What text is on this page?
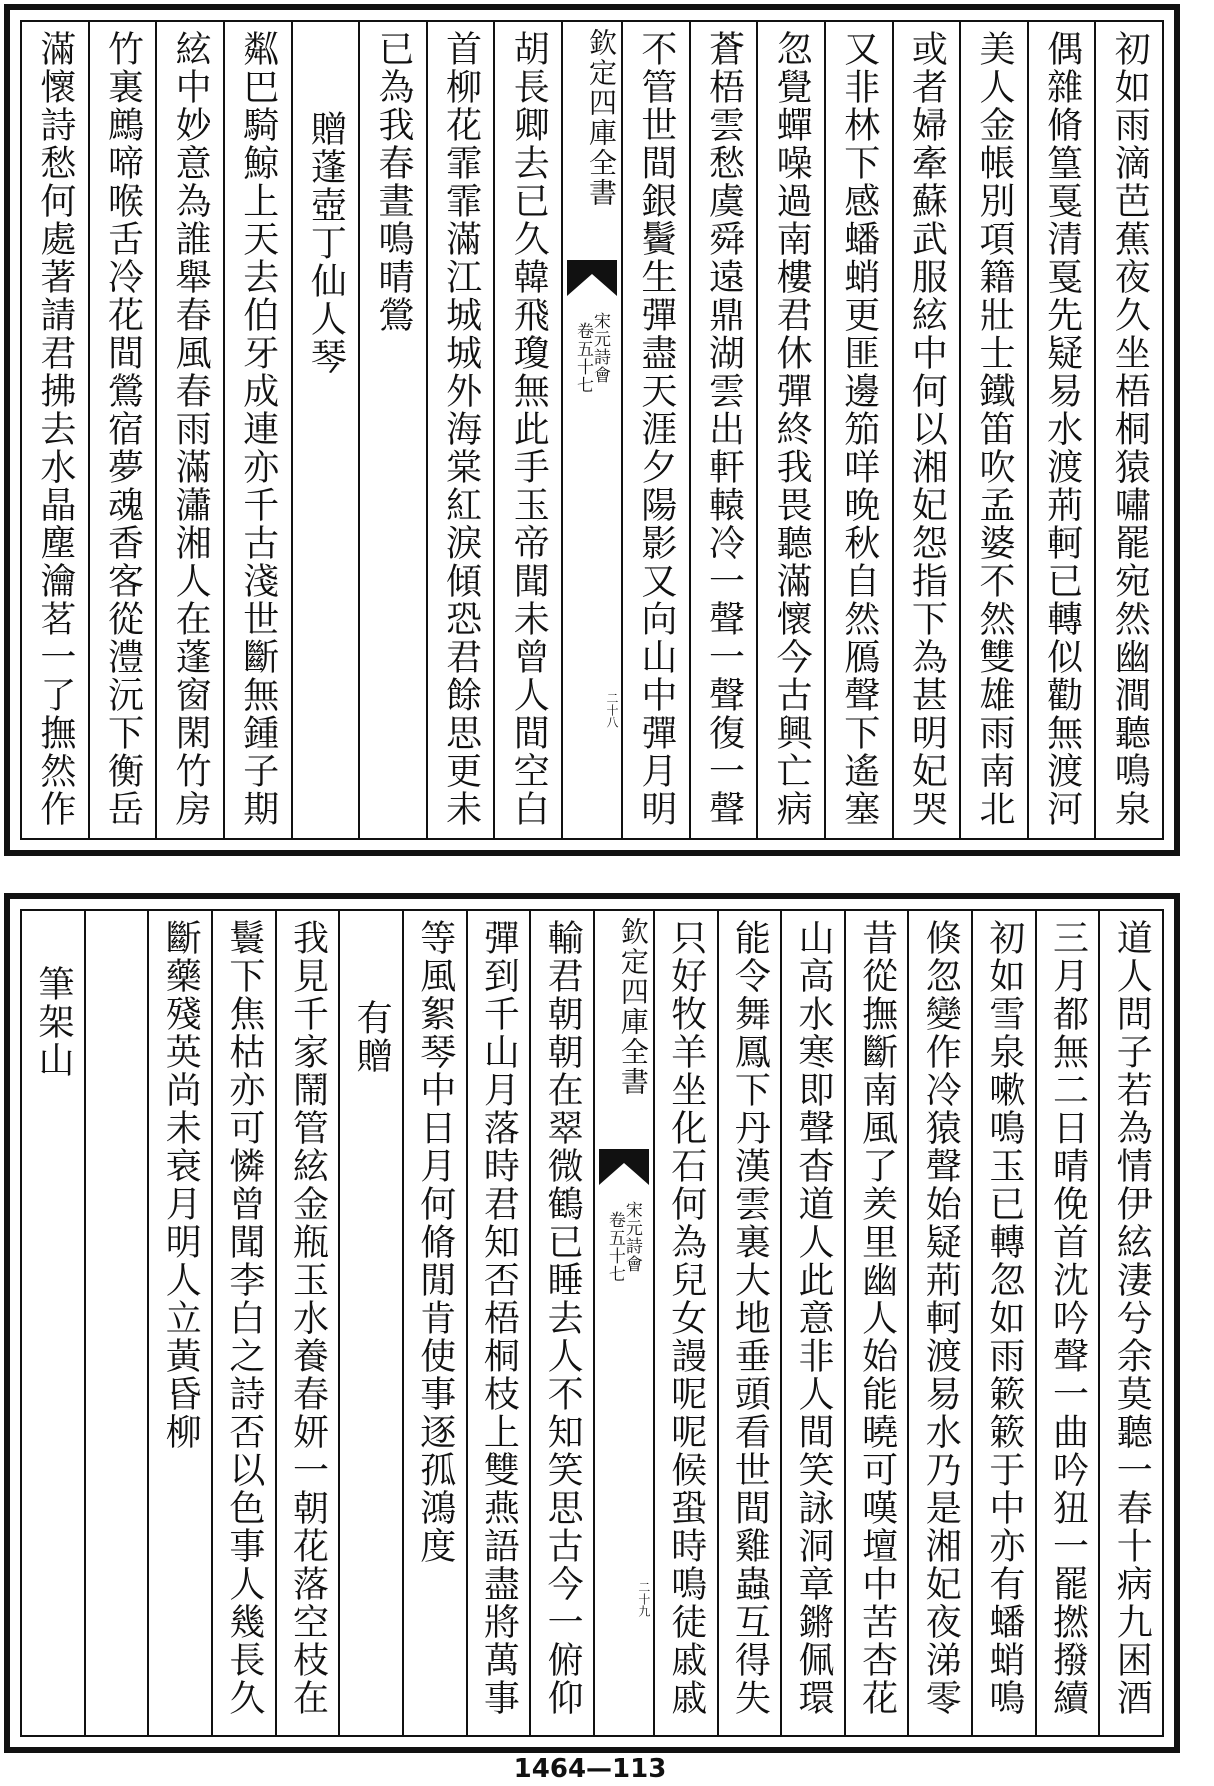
初如雨滴芭蕉夜久坐梧桐猿嘯罷宛然幽澗聽鳴泉
偶雜脩篁戛清戛先疑易水渡荊軻已轉似勸無渡河
美人金帳別項籍壯士鐵笛吹孟婆不然雙雄雨南北
或者婦牽蘇武服絃中何以湘妃怨指下為甚明妃哭
又非林下感蟠蛸更匪邊笳咩晚秋自然鴈聲下遙塞
忽覺蟬噪過南樓君休彈終我畏聽滿懷今古興亡病
蒼梧雲愁虞舜遠鼎湖雲出軒轅冷一聲一聲復一聲
不管世間銀鬢生彈盡天涯夕陽影又向山中彈月明
欽定四庫全書
宋元詩會
卷五十七
二十八
胡長卿去已久韓飛瓊無此手玉帝聞未曾人間空白
首柳花霏霏滿江城城外海棠紅淚傾恐君餘思更未
已為我春晝鳴晴鶯
贈蓬壺丁仙人琴
粼巴騎鯨上天去伯牙成連亦千古淺世斷無鍾子期
絃中妙意為誰舉春風春雨滿瀟湘人在蓬窗閑竹房
竹裏鷓啼喉舌冷花間鶯宿夢魂香客從澧沅下衡岳
滿懷詩愁何處著請君拂去水晶塵瀹茗一了撫然作
道人問子若為情伊絃淒兮余莫聽一春十病九困酒
三月都無二日晴俛首沈吟聲一曲吟狃一罷撚撥續
初如雪泉嗽鳴玉已轉忽如雨簌簌于中亦有蟠蛸鳴
倏忽變作冷猿聲始疑荊軻渡易水乃是湘妃夜涕零
昔從撫斷南風了羑里幽人始能曉可嘆壇中苦杏花
山高水寒即聲杳道人此意非人間笑詠洞章鏘佩環
能令舞鳳下丹漢雲裏大地垂頭看世間雞蟲互得失
只好牧羊坐化石何為兒女謾呢呢候蛩時鳴徒戚戚
欽定四庫全書
宋元詩會
卷五十七
二十九
輸君朝朝在翠微鶴已睡去人不知笑思古今一俯仰
彈到千山月落時君知否梧桐枝上雙燕語盡將萬事
等風絮琴中日月何脩閒肯使事逐孤鴻度
有贈
我見千家鬧管絃金瓶玉水養春妍一朝花落空枝在
鬟下焦枯亦可憐曾聞李白之詩否以色事人幾長久
斷藥殘英尚未衰月明人立黃昏柳
筆架山
1464—113
